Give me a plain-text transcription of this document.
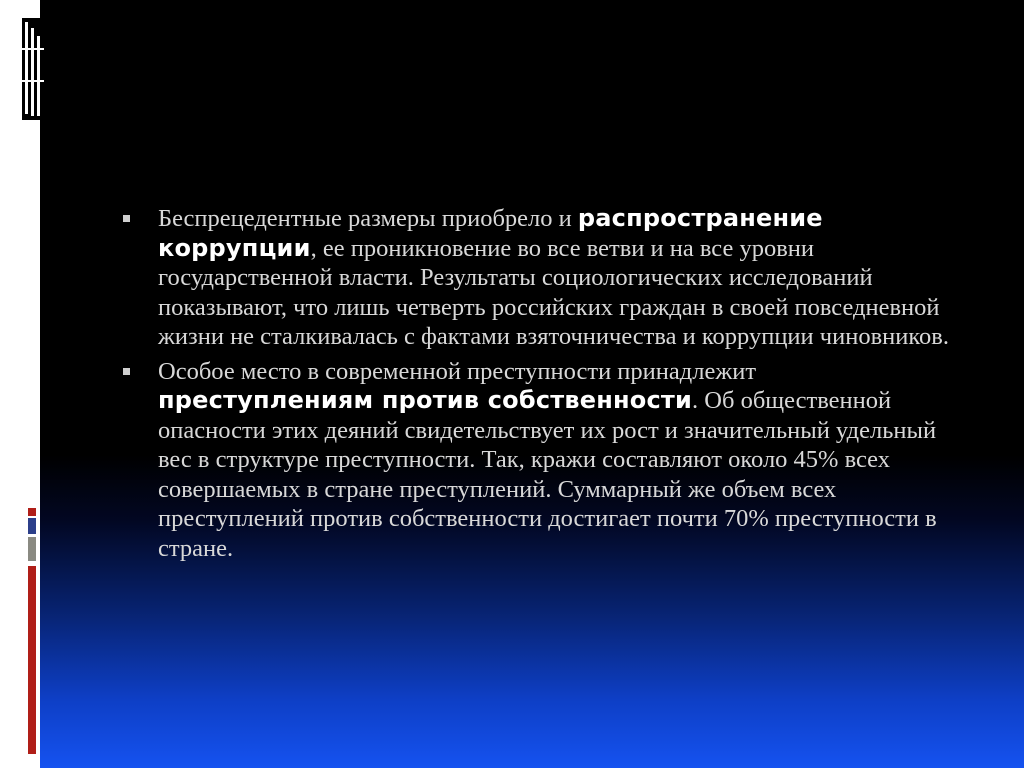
Беспрецедентные размеры приобрело и распространение коррупции, ее проникновение во все ветви и на все уровни государственной власти. Результаты социологических исследований показывают, что лишь четверть российских граждан в своей повседневной жизни не сталкивалась с фактами взяточничества и коррупции чиновников.
Особое место в современной преступности принадлежит преступлениям против собственности. Об общественной опасности этих деяний свидетельствует их рост и значительный удельный вес в структуре преступности. Так, кражи составляют около 45% всех совершаемых в стране преступлений. Суммарный же объем всех преступлений против собственности достигает почти 70% преступности в стране.
